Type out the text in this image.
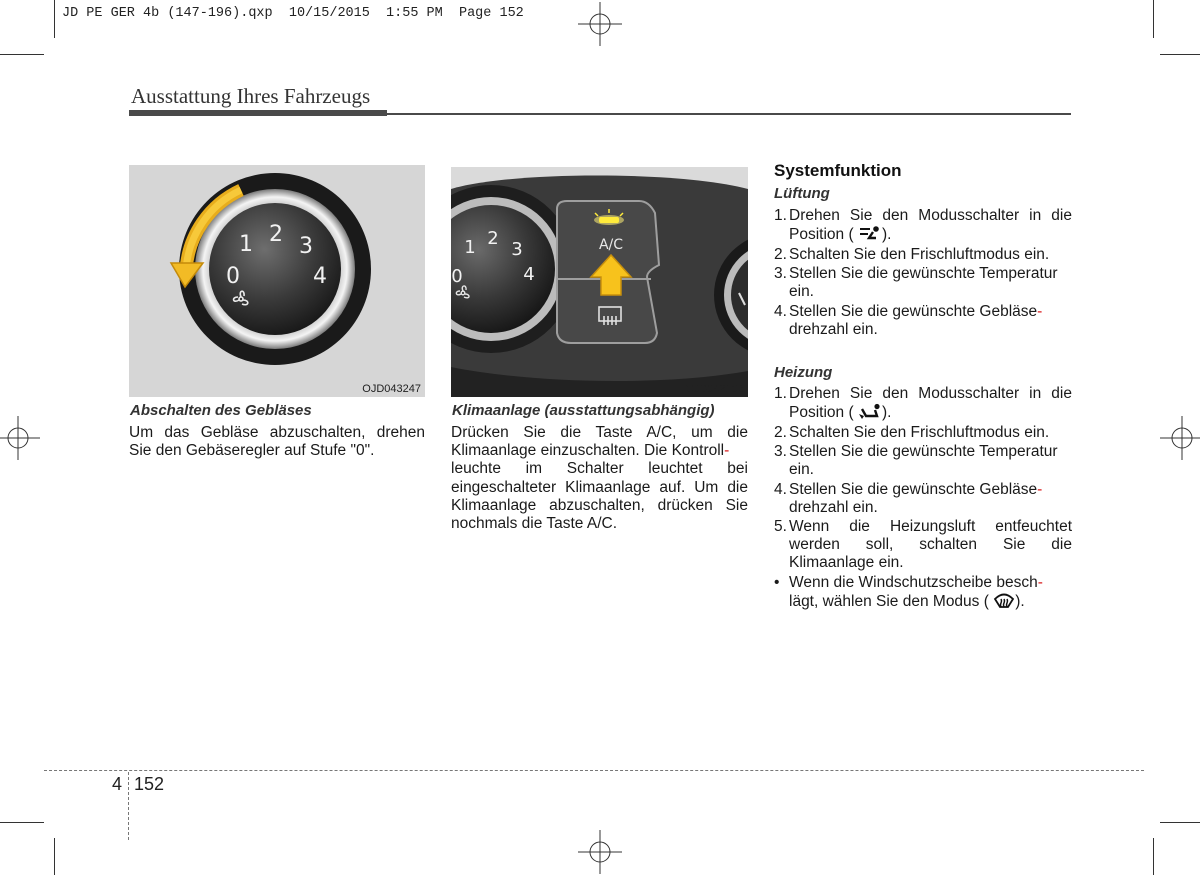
JD PE GER 4b (147-196).qxp  10/15/2015  1:55 PM  Page 152
Ausstattung Ihres Fahrzeugs
0
1 2 3
4
OJD043247
0
1 2
3
4
A/C
OJD042103
Abschalten des Gebläses
Um das Gebläse abzuschalten, drehen
Sie den Gebäseregler auf Stufe "0".
Klimaanlage (ausstattungsabhängig)
Drücken Sie die Taste A/C, um die
Klimaanlage einzuschalten. Die Kontroll-
leuchte im Schalter leuchtet bei
eingeschalteter Klimaanlage auf. Um die
Klimaanlage abzuschalten, drücken Sie
nochmals die Taste A/C.
Systemfunktion
Lüftung
1. Drehen Sie den Modusschalter in die
Position ( ).
2. Schalten Sie den Frischluftmodus ein.
3. Stellen Sie die gewünschte Temperatur
ein.
4. Stellen Sie die gewünschte Gebläse-
drehzahl ein.
Heizung
1. Drehen Sie den Modusschalter in die
Position ( ).
2. Schalten Sie den Frischluftmodus ein.
3. Stellen Sie die gewünschte Temperatur
ein.
4. Stellen Sie die gewünschte Gebläse-
drehzahl ein.
5. Wenn die Heizungsluft entfeuchtet
werden soll, schalten Sie die
Klimaanlage ein.
• Wenn die Windschutzscheibe besch-
lägt, wählen Sie den Modus ( ).
4 152
